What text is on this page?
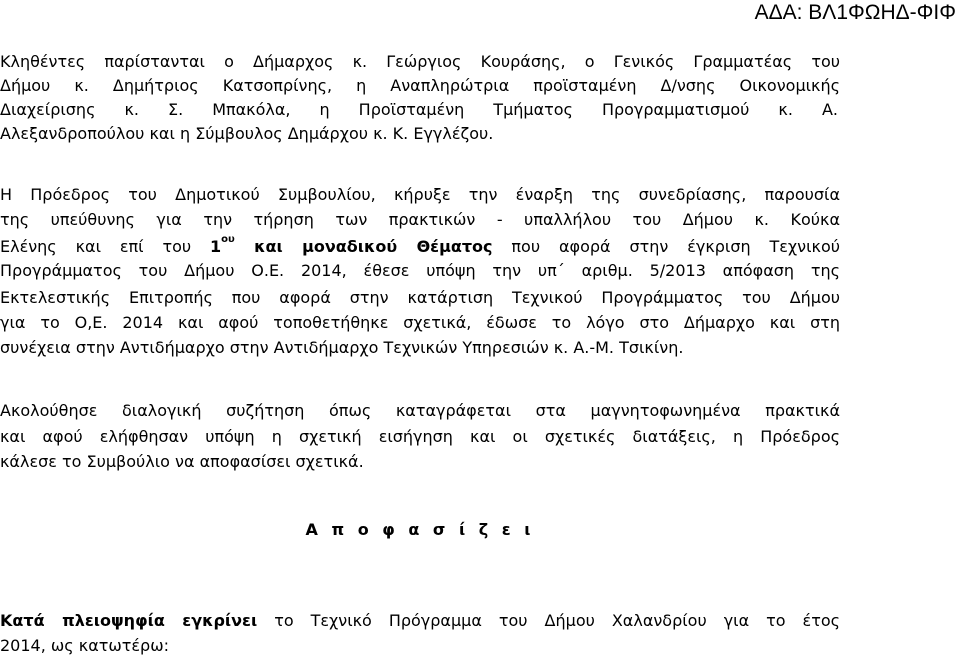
ΑΔΑ: ΒΛ1ΦΩΗΔ-ΦΙΦ
Κληθέντες παρίστανται ο Δήμαρχος κ. Γεώργιος Κουράσης, ο Γενικός Γραμματέας του
Δήμου κ. Δημήτριος Κατσοπρίνης, η Αναπληρώτρια προϊσταμένη Δ/νσης Οικονομικής
Διαχείρισης κ. Σ. Μπακόλα, η Προϊσταμένη Τμήματος Προγραμματισμού κ. Α.
Αλεξανδροπούλου και η Σύμβουλος Δημάρχου κ. Κ. Εγγλέζου.
Η Πρόεδρος του Δημοτικού Συμβουλίου, κήρυξε την έναρξη της συνεδρίασης, παρουσία
της υπεύθυνης για την τήρηση των πρακτικών - υπαλλήλου του Δήμου κ. Κούκα
Ελένης και επί του $1^{o\upsilon}$ και μοναδικού Θέματος που αφορά στην έγκριση Τεχνικού
Προγράμματος του Δήμου Ο.Ε. 2014, έθεσε υπόψη την υπ΄ αριθμ. 5/2013 απόφαση της
Εκτελεστικής Επιτροπής που αφορά στην κατάρτιση Τεχνικού Προγράμματος του Δήμου
για το Ο,Ε. 2014 και αφού τοποθετήθηκε σχετικά, έδωσε το λόγο στο Δήμαρχο και στη
συνέχεια στην Αντιδήμαρχο στην Αντιδήμαρχο Τεχνικών Υπηρεσιών κ. Α.-Μ. Τσικίνη.
Ακολούθησε διαλογική συζήτηση όπως καταγράφεται στα μαγνητοφωνημένα πρακτικά
και αφού ελήφθησαν υπόψη η σχετική εισήγηση και οι σχετικές διατάξεις, η Πρόεδρος
κάλεσε το Συμβούλιο να αποφασίσει σχετικά.
Α π ο φ α σ ί ζ ε ι
Κατά πλειοψηφία εγκρίνει το Τεχνικό Πρόγραμμα του Δήμου Χαλανδρίου για το έτος
2014, ως κατωτέρω:
